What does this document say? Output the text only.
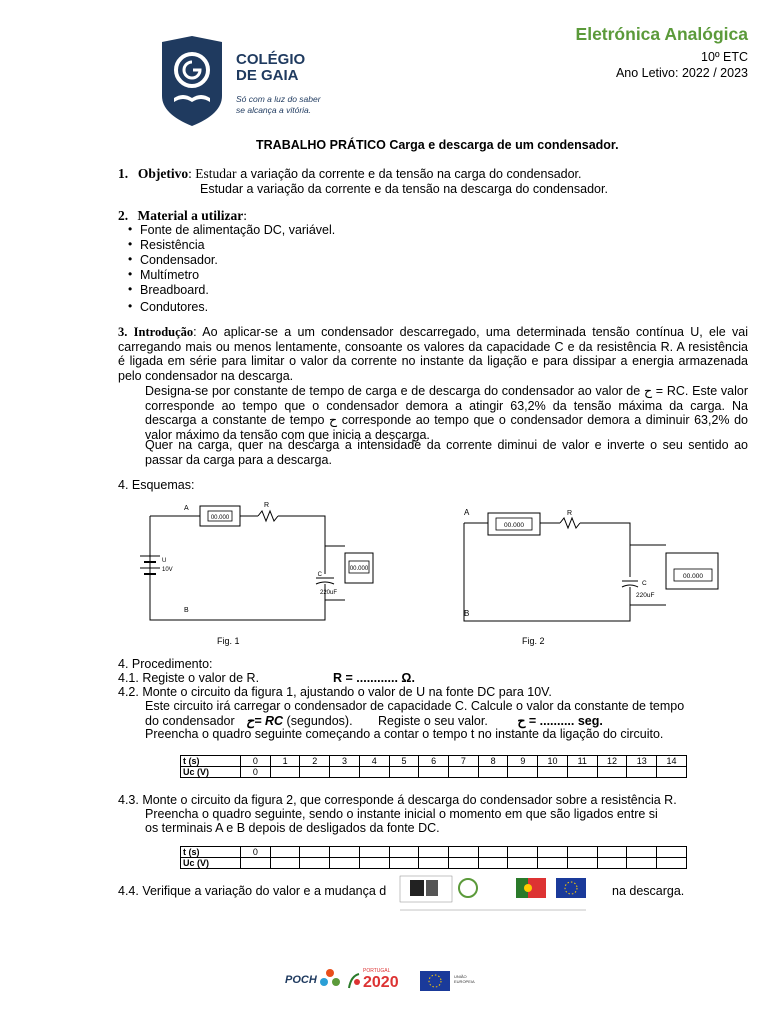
COLÉGIO
DE GAIA
Só com a luz do saber
se alcança a vitória.
Eletrónica Analógica
10º ETC
Ano Letivo: 2022 / 2023
TRABALHO PRÁTICO Carga e descarga de um condensador.
1. Objetivo: Estudar a variação da corrente e da tensão na carga do condensador.
Estudar a variação da corrente e da tensão na descarga do condensador.
2. Material a utilizar:
• Fonte de alimentação DC, variável.
• Resistência
• Condensador.
• Multímetro
• Breadboard.
• Condutores.
3. Introdução: Ao aplicar-se a um condensador descarregado, uma determinada tensão contínua U, ele vai carregando mais ou menos lentamente, consoante os valores da capacidade C e da resistência R. A resistência é ligada em série para limitar o valor da corrente no instante da ligação e para dissipar a energia armazenada pelo condensador na descarga.
Designa-se por constante de tempo de carga e de descarga do condensador ao valor de ح = RC. Este valor corresponde ao tempo que o condensador demora a atingir 63,2% da tensão máxima da carga. Na descarga a constante de tempo ح corresponde ao tempo que o condensador demora a diminuir 63,2% do valor máximo da tensão com que inicia a descarga.
Quer na carga, quer na descarga a intensidade da corrente diminui de valor e inverte o seu sentido ao passar da carga para a descarga.
4. Esquemas:
00.000
00.000
A
B
R
U
10V
C
220uF
Fig. 1
00.000
00.000
A
B
R
C
220uF
Fig. 2
4. Procedimento:
4.1. Registe o valor de R.	R = ............ Ω.
4.2. Monte o circuito da figura 1, ajustando o valor de U na fonte DC para 10V.
Este circuito irá carregar o condensador de capacidade C. Calcule o valor da constante de tempo
do condensador ح= RC (segundos). Registe o seu valor. ح = .......... seg.
Preencha o quadro seguinte começando a contar o tempo t no instante da ligação do circuito.
t (s)	0	1	2	3	4	5	6	7	8	9	10	11	12	13	14
Uc (V)	0														
4.3. Monte o circuito da figura 2, que corresponde á descarga do condensador sobre a resistência R.
Preencha o quadro seguinte, sendo o instante inicial o momento em que são ligados entre si
os terminais A e B depois de desligados da fonte DC.
t (s)	0														
Uc (V)															
4.4. Verifique a variação do valor e a mudança d	na descarga.
POCH
PORTUGAL
2020	UNIÃO EUROPEIA
